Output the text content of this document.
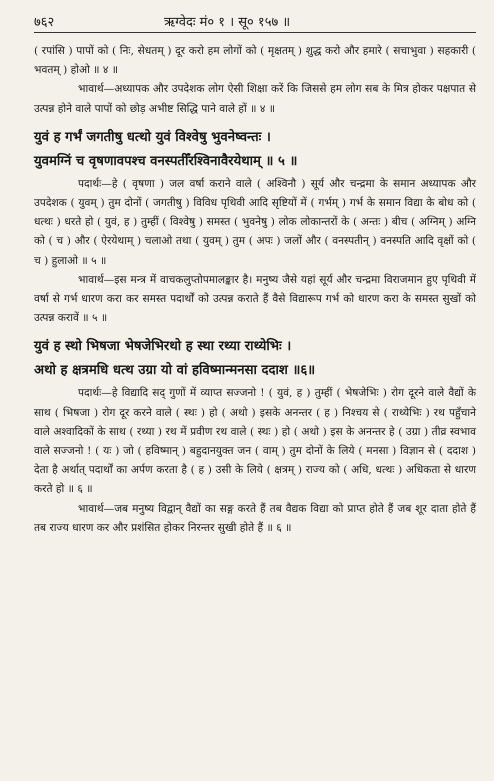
७६२	ऋग्वेदः मं० १ । सू० १५७ ॥

( रपांसि ) पापों को ( निः, सेधतम् ) दूर करो हम लोगों को ( मृक्षतम् ) शुद्ध करो और हमारे ( सचाभुवा ) सहकारी ( भवतम् ) होओ ॥ ४ ॥

भावार्थ—अध्यापक और उपदेशक लोग ऐसी शिक्षा करें कि जिससे हम लोग सब के मित्र होकर पक्षपात से उत्पन्न होने वाले पापों को छोड़ अभीष्ट सिद्धि पाने वाले हों ॥ ४ ॥

युवं ह गर्भं जगतीषु धत्थो युवं विश्वेषु भुवनेष्वन्तः ।

युवमग्निं च वृषणावपश्च वनस्पतीँरश्विनावैरयेथाम् ॥ ५ ॥

पदार्थः—हे ( वृषणा ) जल वर्षा कराने वाले ( अश्विनौ ) सूर्य और चन्द्रमा के समान अध्यापक और उपदेशक ( युवम् ) तुम दोनों ( जगतीषु ) विविध पृथिवी आदि सृष्टियों में ( गर्भम् ) गर्भ के समान विद्या के बोध को ( धत्थः ) धरते हो ( युवं, ह ) तुम्हीं ( विश्वेषु ) समस्त ( भुवनेषु ) लोक लोकान्तरों के ( अन्तः ) बीच ( अग्निम् ) अग्नि को ( च ) और ( ऐरयेथाम् ) चलाओ तथा ( युवम् ) तुम ( अपः ) जलों और ( वनस्पतीन् ) वनस्पति आदि वृक्षों को ( च ) हुलाओ ॥ ५ ॥

भावार्थ—इस मन्त्र में वाचकलुप्तोपमालङ्कार है। मनुष्य जैसे यहां सूर्य और चन्द्रमा विराजमान हुए पृथिवी में वर्षा से गर्भ धारण करा कर समस्त पदार्थों को उत्पन्न कराते हैं वैसे विद्यारूप गर्भ को धारण करा के समस्त सुखों को उत्पन्न करावें ॥ ५ ॥

युवं ह स्थो भिषजा भेषजेभिरथो ह स्था रथ्या राथ्येभिः ।

अथो ह क्षत्रमधि धत्थ उग्रा यो वां हविष्मान्मनसा ददाश ॥६॥

पदार्थः—हे विद्यादि सद् गुणों में व्याप्त सज्जनो ! ( युवं, ह ) तुम्हीं ( भेषजेभिः ) रोग दूरने वाले वैद्यों के साथ ( भिषजा ) रोग दूर करने वाले ( स्थः ) हो ( अथो ) इसके अनन्तर ( ह ) निश्चय से ( राथ्येभिः ) रथ पहुँचाने वाले अश्वादिकों के साथ ( रथ्या ) रथ में प्रवीण रथ वाले ( स्थः ) हो ( अथो ) इस के अनन्तर हे ( उग्रा ) तीव्र स्वभाव वाले सज्जनो ! ( यः ) जो ( हविष्मान् ) बहुदानयुक्त जन ( वाम् ) तुम दोनों के लिये ( मनसा ) विज्ञान से ( ददाश ) देता है अर्थात् पदार्थों का अर्पण करता है ( ह ) उसी के लिये ( क्षत्रम् ) राज्य को ( अधि, धत्थः ) अधिकता से धारण करते हो ॥ ६ ॥

भावार्थ—जब मनुष्य विद्वान् वैद्यों का सङ्ग करते हैं तब वैद्यक विद्या को प्राप्त होते हैं जब शूर दाता होते हैं तब राज्य धारण कर और प्रशंसित होकर निरन्तर सुखी होते हैं ॥ ६ ॥
